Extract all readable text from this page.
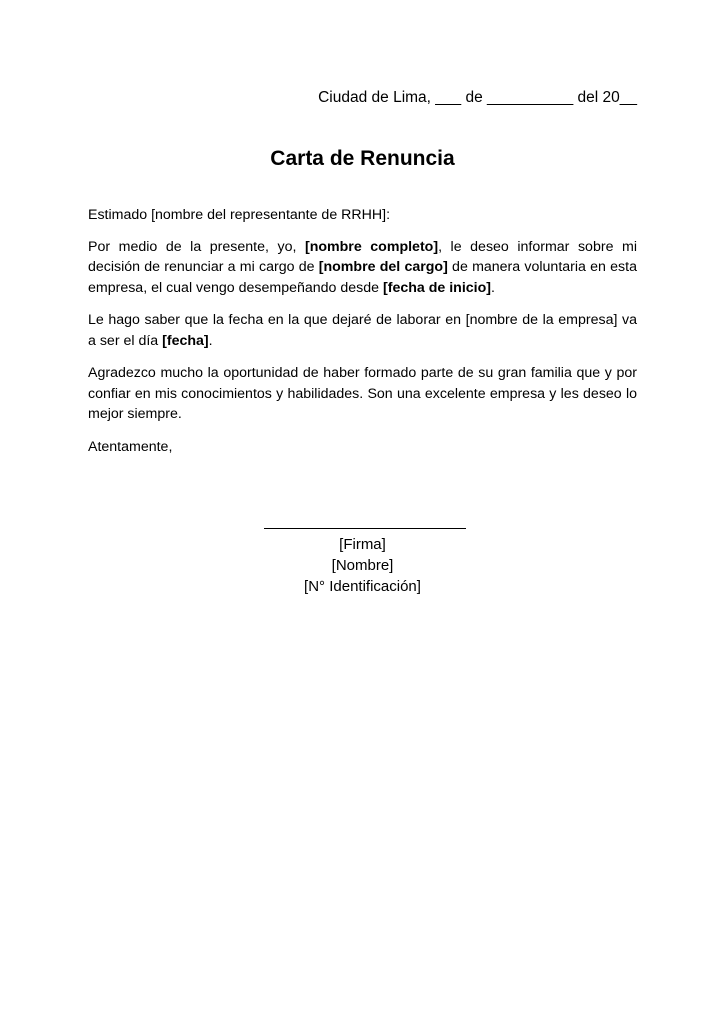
Ciudad de Lima, ___ de __________ del 20__
Carta de Renuncia

Estimado [nombre del representante de RRHH]:

Por medio de la presente, yo, [nombre completo], le deseo informar sobre mi decisión de renunciar a mi cargo de [nombre del cargo] de manera voluntaria en esta empresa, el cual vengo desempeñando desde [fecha de inicio].

Le hago saber que la fecha en la que dejaré de laborar en [nombre de la empresa] va a ser el día [fecha].

Agradezco mucho la oportunidad de haber formado parte de su gran familia que y por confiar en mis conocimientos y habilidades. Son una excelente empresa y les deseo lo mejor siempre.

Atentamente,

[Firma]
[Nombre]
[N° Identificación]
